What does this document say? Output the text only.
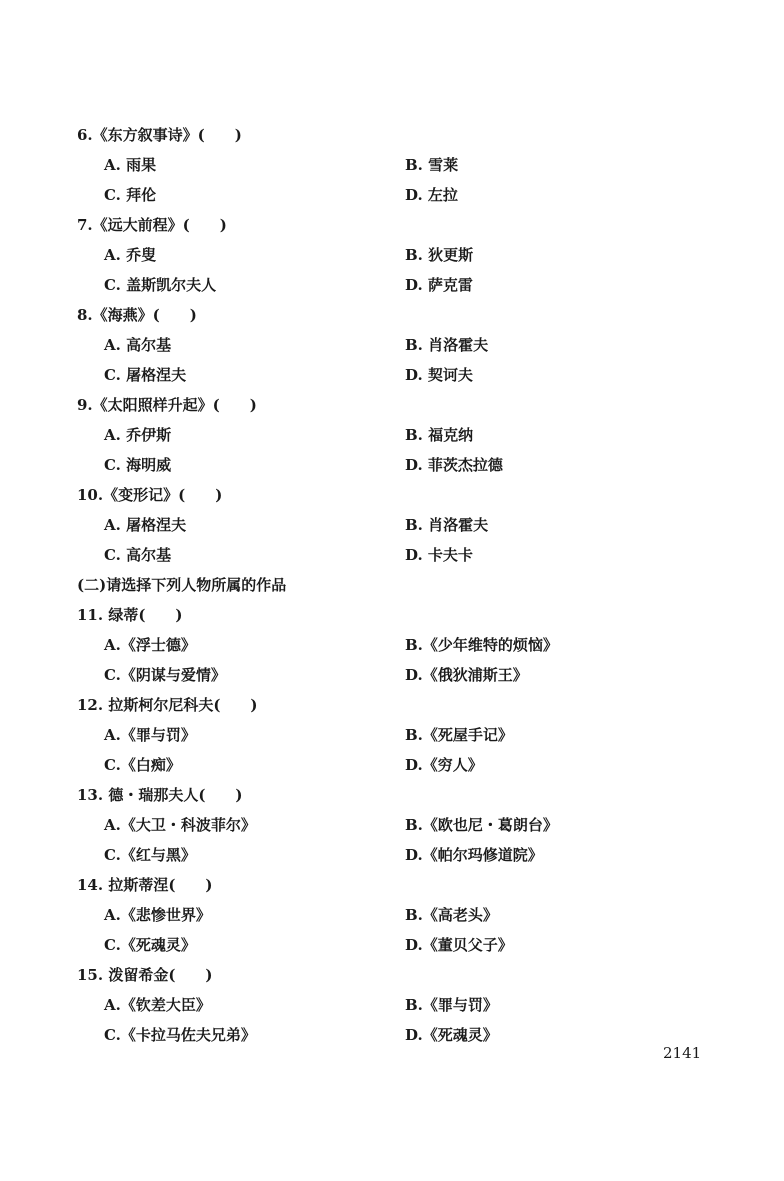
6.《东方叙事诗》(　　)
A. 雨果	B. 雪莱
C. 拜伦	D. 左拉
7.《远大前程》(　　)
A. 乔叟	B. 狄更斯
C. 盖斯凯尔夫人	D. 萨克雷
8.《海燕》(　　)
A. 高尔基	B. 肖洛霍夫
C. 屠格涅夫	D. 契诃夫
9.《太阳照样升起》(　　)
A. 乔伊斯	B. 福克纳
C. 海明威	D. 菲茨杰拉德
10.《变形记》(　　)
A. 屠格涅夫	B. 肖洛霍夫
C. 高尔基	D. 卡夫卡
(二)请选择下列人物所属的作品
11. 绿蒂(　　)
A.《浮士德》	B.《少年维特的烦恼》
C.《阴谋与爱情》	D.《俄狄浦斯王》
12. 拉斯柯尔尼科夫(　　)
A.《罪与罚》	B.《死屋手记》
C.《白痴》	D.《穷人》
13. 德・瑞那夫人(　　)
A.《大卫・科波菲尔》	B.《欧也尼・葛朗台》
C.《红与黑》	D.《帕尔玛修道院》
14. 拉斯蒂涅(　　)
A.《悲惨世界》	B.《高老头》
C.《死魂灵》	D.《董贝父子》
15. 泼留希金(　　)
A.《钦差大臣》	B.《罪与罚》
C.《卡拉马佐夫兄弟》	D.《死魂灵》
2141
